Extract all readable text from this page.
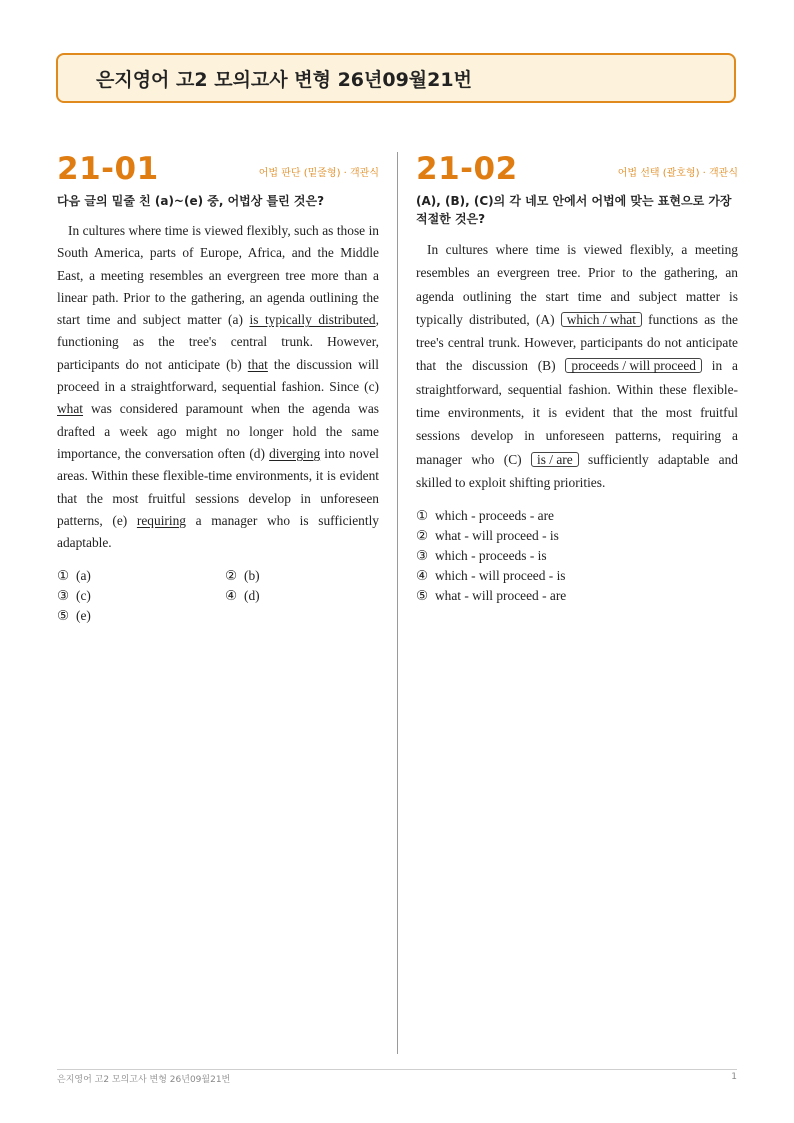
은지영어 고2 모의고사 변형 26년09월21번
21-01	어법 판단 (밑줄형) · 객관식
다음 글의 밑줄 친 (a)~(e) 중, 어법상 틀린 것은?
In cultures where time is viewed flexibly, such as those in South America, parts of Europe, Africa, and the Middle East, a meeting resembles an evergreen tree more than a linear path. Prior to the gathering, an agenda outlining the start time and subject matter (a) is typically distributed, functioning as the tree's central trunk. However, participants do not anticipate (b) that the discussion will proceed in a straightforward, sequential fashion. Since (c) what was considered paramount when the agenda was drafted a week ago might no longer hold the same importance, the conversation often (d) diverging into novel areas. Within these flexible-time environments, it is evident that the most fruitful sessions develop in unforeseen patterns, (e) requiring a manager who is sufficiently adaptable.
① (a)	② (b)
③ (c)	④ (d)
⑤ (e)
21-02	어법 선택 (괄호형) · 객관식
(A), (B), (C)의 각 네모 안에서 어법에 맞는 표현으로 가장 적절한 것은?
In cultures where time is viewed flexibly, a meeting resembles an evergreen tree. Prior to the gathering, an agenda outlining the start time and subject matter is typically distributed, (A) which / what functions as the tree's central trunk. However, participants do not anticipate that the discussion (B) proceeds / will proceed in a straightforward, sequential fashion. Within these flexible-time environments, it is evident that the most fruitful sessions develop in unforeseen patterns, requiring a manager who (C) is / are sufficiently adaptable and skilled to exploit shifting priorities.
① which - proceeds - are
② what - will proceed - is
③ which - proceeds - is
④ which - will proceed - is
⑤ what - will proceed - are
은지영어 고2 모의고사 변형 26년09월21번	1
